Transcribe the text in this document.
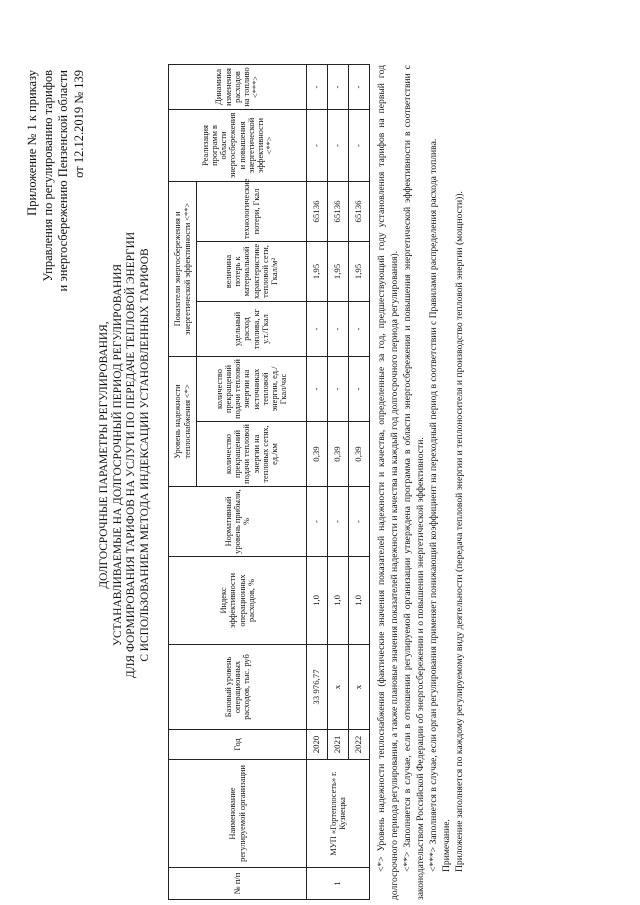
Приложение № 1 к приказу Управления по регулированию тарифов и энергосбережению Пензенской области от 12.12.2019 № 139
ДОЛГОСРОЧНЫЕ ПАРАМЕТРЫ РЕГУЛИРОВАНИЯ, УСТАНАВЛИВАЕМЫЕ НА ДОЛГОСРОЧНЫЙ ПЕРИОД РЕГУЛИРОВАНИЯ ДЛЯ ФОРМИРОВАНИЯ ТАРИФОВ НА УСЛУГИ ПО ПЕРЕДАЧЕ ТЕПЛОВОЙ ЭНЕРГИИ С ИСПОЛЬЗОВАНИЕМ МЕТОДА ИНДЕКСАЦИИ УСТАНОВЛЕННЫХ ТАРИФОВ
№ п/п	Наименование регулируемой организации	Год	Базовый уровень операционных расходов, тыс. руб	Индекс эффективности операционных расходов, %	Нормативный уровень прибыли, %	Уровень надежности теплоснабжения <*>		Показатели энергосбережения и энергетической эффективности <**>			Реализация программ в области энергосбережения и повышения энергетической эффективности <**>	Динамика изменения расходов на топливо <***>
						количество прекращений подачи тепловой энергии на тепловых сетях, ед./км	количество прекращений подачи тепловой энергии на источниках тепловой энергии, ед./Гкал/час	удельный расход топлива, кг у.т./Гкал	величина потерь к материальной характеристике тепловой сети, Гкал/м²	технологические потери, Гкал		
1	МУП «Гортеплосеть» г. Кузнецка	2020	33 976,77	1,0	-	0,39	-	-	1,95	65136	-	-
		2021	x	1,0	-	0,39	-	-	1,95	65136	-	-
		2022	x	1,0	-	0,39	-	-	1,95	65136	-	- <*> Уровень надежности теплоснабжения (фактические значения показателей надежности и качества, определенные за год, предшествующий году установления тарифов на первый год долгосрочного периода регулирования, а также плановые значения показателей надежности и качества на каждый год долгосрочного периода регулирования). <**> Заполняется в случае, если в отношении регулируемой организации утверждена программа в области энергосбережения и повышения энергетической эффективности в соответствии с законодательством Российской Федерации об энергосбережении и о повышении энергетической эффективности. <***> Заполняется в случае, если орган регулирования применяет понижающий коэффициент на переходный период в соответствии с Правилами распределения расхода топлива. Примечание. Приложение заполняется по каждому регулируемому виду деятельности (передача тепловой энергии и теплоносителя и производство тепловой энергии (мощности)).
